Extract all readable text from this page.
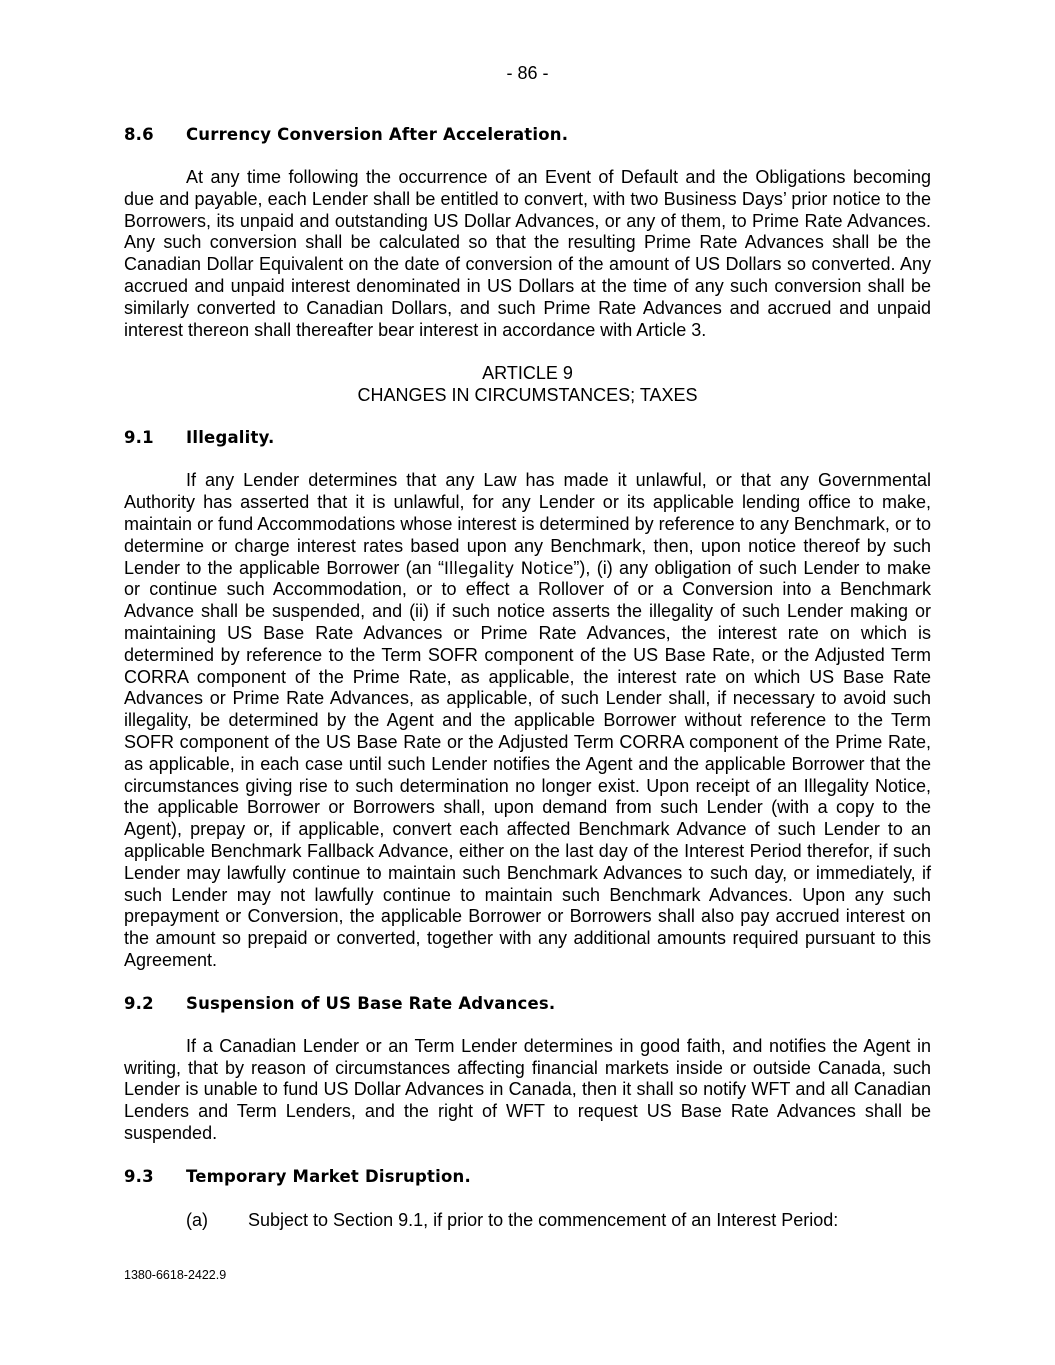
- 86 -
8.6 Currency Conversion After Acceleration.

At any time following the occurrence of an Event of Default and the Obligations becoming due and payable, each Lender shall be entitled to convert, with two Business Days’ prior notice to the Borrowers, its unpaid and outstanding US Dollar Advances, or any of them, to Prime Rate Advances. Any such conversion shall be calculated so that the resulting Prime Rate Advances shall be the Canadian Dollar Equivalent on the date of conversion of the amount of US Dollars so converted. Any accrued and unpaid interest denominated in US Dollars at the time of any such conversion shall be similarly converted to Canadian Dollars, and such Prime Rate Advances and accrued and unpaid interest thereon shall thereafter bear interest in accordance with Article 3.

ARTICLE 9

CHANGES IN CIRCUMSTANCES; TAXES

9.1 Illegality.

If any Lender determines that any Law has made it unlawful, or that any Governmental Authority has asserted that it is unlawful, for any Lender or its applicable lending office to make, maintain or fund Accommodations whose interest is determined by reference to any Benchmark, or to determine or charge interest rates based upon any Benchmark, then, upon notice thereof by such Lender to the applicable Borrower (an “Illegality Notice”), (i) any obligation of such Lender to make or continue such Accommodation, or to effect a Rollover of or a Conversion into a Benchmark Advance shall be suspended, and (ii) if such notice asserts the illegality of such Lender making or maintaining US Base Rate Advances or Prime Rate Advances, the interest rate on which is determined by reference to the Term SOFR component of the US Base Rate, or the Adjusted Term CORRA component of the Prime Rate, as applicable, the interest rate on which US Base Rate Advances or Prime Rate Advances, as applicable, of such Lender shall, if necessary to avoid such illegality, be determined by the Agent and the applicable Borrower without reference to the Term SOFR component of the US Base Rate or the Adjusted Term CORRA component of the Prime Rate, as applicable, in each case until such Lender notifies the Agent and the applicable Borrower that the circumstances giving rise to such determination no longer exist. Upon receipt of an Illegality Notice, the applicable Borrower or Borrowers shall, upon demand from such Lender (with a copy to the Agent), prepay or, if applicable, convert each affected Benchmark Advance of such Lender to an applicable Benchmark Fallback Advance, either on the last day of the Interest Period therefor, if such Lender may lawfully continue to maintain such Benchmark Advances to such day, or immediately, if such Lender may not lawfully continue to maintain such Benchmark Advances. Upon any such prepayment or Conversion, the applicable Borrower or Borrowers shall also pay accrued interest on the amount so prepaid or converted, together with any additional amounts required pursuant to this Agreement.

9.2 Suspension of US Base Rate Advances.

If a Canadian Lender or an Term Lender determines in good faith, and notifies the Agent in writing, that by reason of circumstances affecting financial markets inside or outside Canada, such Lender is unable to fund US Dollar Advances in Canada, then it shall so notify WFT and all Canadian Lenders and Term Lenders, and the right of WFT to request US Base Rate Advances shall be suspended.

9.3 Temporary Market Disruption.

(a) Subject to Section 9.1, if prior to the commencement of an Interest Period:

1380-6618-2422.9
